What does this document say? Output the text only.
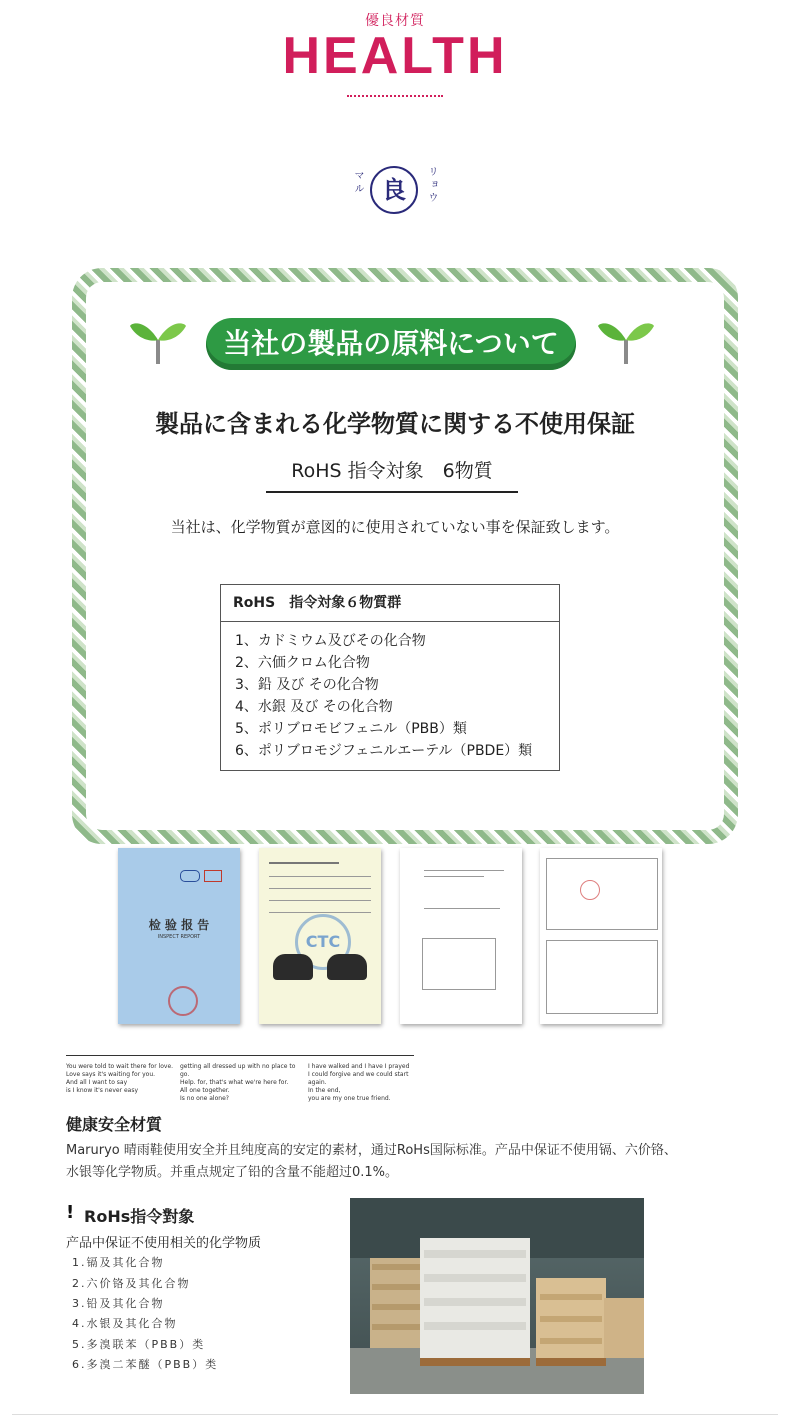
優良材質
HEALTH
マル 良	リョウ
当社の製品の原料について
製品に含まれる化学物質に関する不使用保証
RoHS 指令対象　6物質
当社は、化学物質が意図的に使用されていない事を保証致します。
RoHS　指令対象６物質群
1、カドミウム及びその化合物
2、六価クロム化合物
3、鉛 及び その化合物
4、水銀 及び その化合物
5、ポリブロモビフェニル（PBB）類
6、ポリブロモジフェニルエーテル（PBDE）類
检 验 报 告
INSPECT REPORT	CTC
You were told to wait there for love.
Love says it's waiting for you.
And all I want to say
is I know it's never easy
getting all dressed up with no place to go.
Help. for, that's what we're here for.
All one together.
Is no one alone?
I have walked and I have I prayed
I could forgive and we could start again.
In the end,
you are my one true friend.
健康安全材質
Maruryo 晴雨鞋使用安全并且纯度高的安定的素材，通过RoHs国际标准。产品中保证不使用镉、六价铬、水银等化学物质。并重点规定了铅的含量不能超过0.1%。
! RoHs指令對象
产品中保证不使用相关的化学物质
1.镉及其化合物
2.六价铬及其化合物
3.铅及其化合物
4.水银及其化合物
5.多溴联苯（PBB）类
6.多溴二苯醚（PBB）类
